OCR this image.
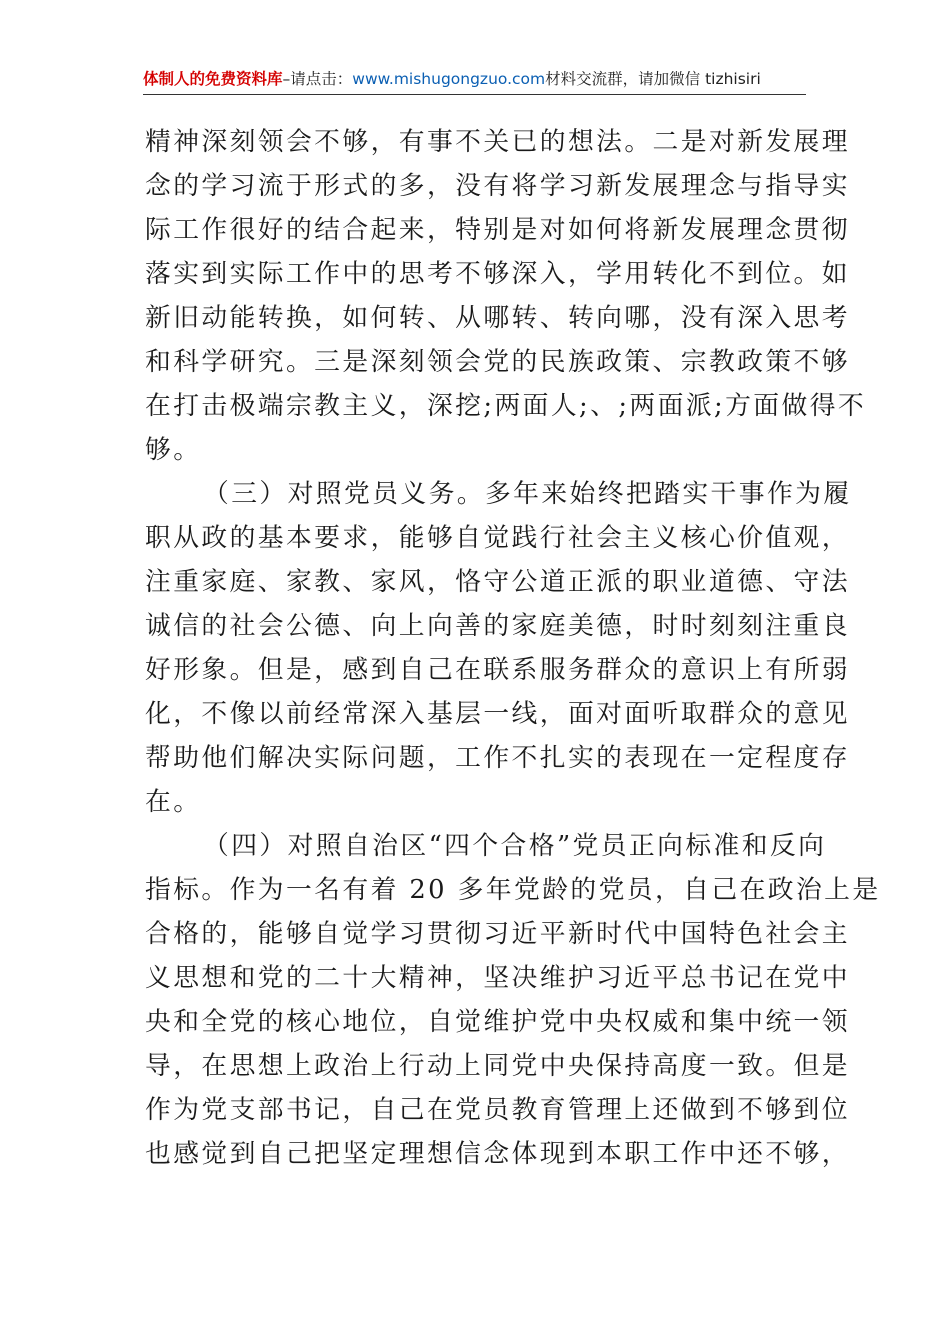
体制人的免费资料库–请点击：www.mishugongzuo.com材料交流群，请加微信 tizhisiri
精神深刻领会不够，有事不关已的想法。二是对新发展理
念的学习流于形式的多，没有将学习新发展理念与指导实
际工作很好的结合起来，特别是对如何将新发展理念贯彻
落实到实际工作中的思考不够深入，学用转化不到位。如
新旧动能转换，如何转、从哪转、转向哪，没有深入思考
和科学研究。三是深刻领会党的民族政策、宗教政策不够
在打击极端宗教主义，深挖;两面人;、;两面派;方面做得不
够。
（三）对照党员义务。多年来始终把踏实干事作为履
职从政的基本要求，能够自觉践行社会主义核心价值观，
注重家庭、家教、家风，恪守公道正派的职业道德、守法
诚信的社会公德、向上向善的家庭美德，时时刻刻注重良
好形象。但是，感到自己在联系服务群众的意识上有所弱
化，不像以前经常深入基层一线，面对面听取群众的意见
帮助他们解决实际问题，工作不扎实的表现在一定程度存
在。
（四）对照自治区“四个合格”党员正向标准和反向
指标。作为一名有着 20 多年党龄的党员，自己在政治上是
合格的，能够自觉学习贯彻习近平新时代中国特色社会主
义思想和党的二十大精神，坚决维护习近平总书记在党中
央和全党的核心地位，自觉维护党中央权威和集中统一领
导，在思想上政治上行动上同党中央保持高度一致。但是
作为党支部书记，自己在党员教育管理上还做到不够到位
也感觉到自己把坚定理想信念体现到本职工作中还不够，
